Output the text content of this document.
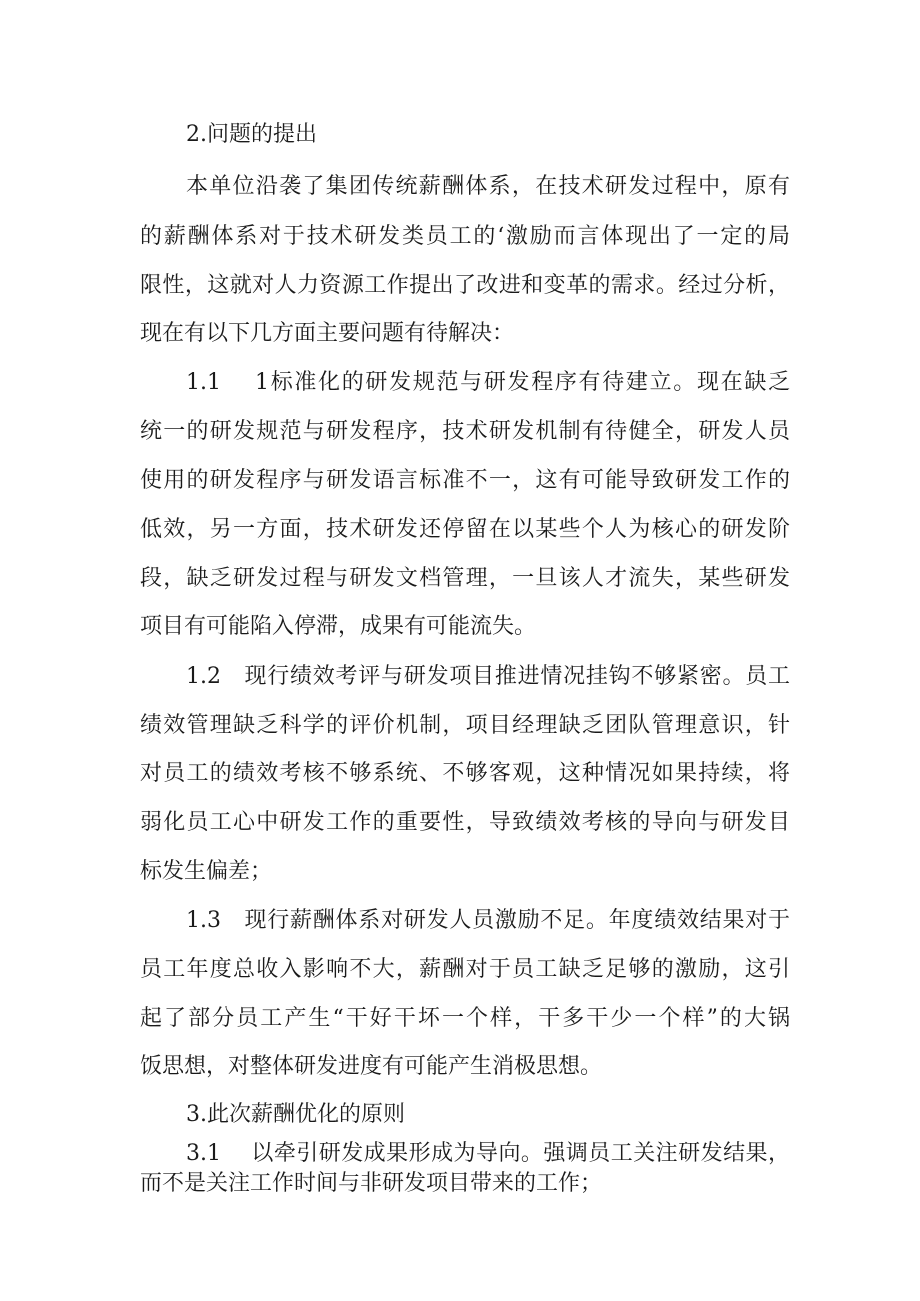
2.问题的提出
本单位沿袭了集团传统薪酬体系，在技术研发过程中，原有
的薪酬体系对于技术研发类员工的‘激励而言体现出了一定的局
限性，这就对人力资源工作提出了改进和变革的需求。经过分析，
现在有以下几方面主要问题有待解决：
1.1　 1标准化的研发规范与研发程序有待建立。现在缺乏
统一的研发规范与研发程序，技术研发机制有待健全，研发人员
使用的研发程序与研发语言标准不一，这有可能导致研发工作的
低效，另一方面，技术研发还停留在以某些个人为核心的研发阶
段，缺乏研发过程与研发文档管理，一旦该人才流失，某些研发
项目有可能陷入停滞，成果有可能流失。
1.2　现行绩效考评与研发项目推进情况挂钩不够紧密。员工
绩效管理缺乏科学的评价机制，项目经理缺乏团队管理意识，针
对员工的绩效考核不够系统、不够客观，这种情况如果持续，将
弱化员工心中研发工作的重要性，导致绩效考核的导向与研发目
标发生偏差；
1.3　现行薪酬体系对研发人员激励不足。年度绩效结果对于
员工年度总收入影响不大，薪酬对于员工缺乏足够的激励，这引
起了部分员工产生“干好干坏一个样，干多干少一个样”的大锅
饭思想，对整体研发进度有可能产生消极思想。
3.此次薪酬优化的原则
3.1　 以牵引研发成果形成为导向。强调员工关注研发结果，
而不是关注工作时间与非研发项目带来的工作；
